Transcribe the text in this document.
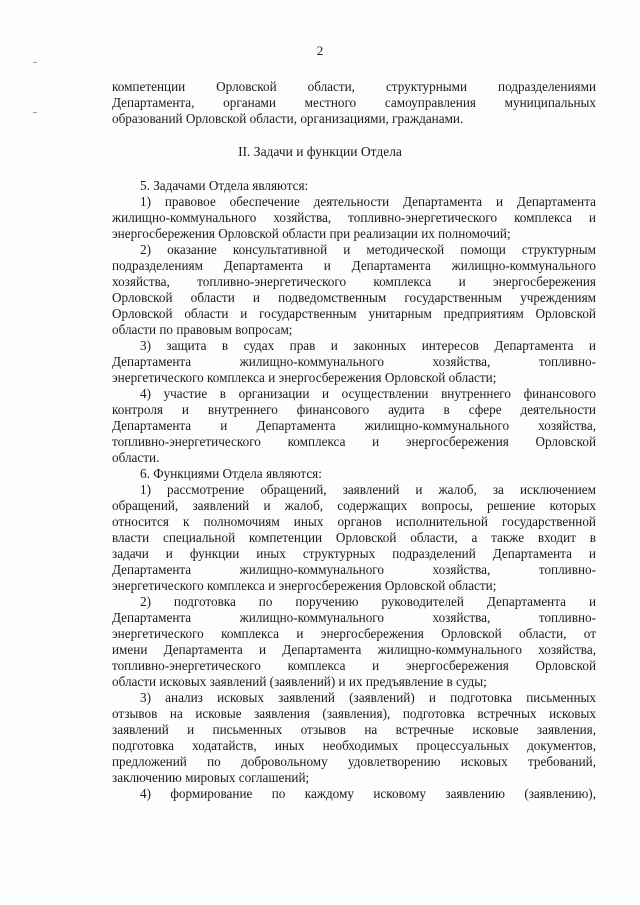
2
компетенции Орловской области, структурными подразделениями
Департамента, органами местного самоуправления муниципальных
образований Орловской области, организациями, гражданами.
II. Задачи и функции Отдела
5. Задачами Отдела являются:
1) правовое обеспечение деятельности Департамента и Департамента
жилищно-коммунального хозяйства, топливно-энергетического комплекса и
энергосбережения Орловской области при реализации их полномочий;
2) оказание консультативной и методической помощи структурным
подразделениям Департамента и Департамента жилищно-коммунального
хозяйства, топливно-энергетического комплекса и энергосбережения
Орловской области и подведомственным государственным учреждениям
Орловской области и государственным унитарным предприятиям Орловской
области по правовым вопросам;
3) защита в судах прав и законных интересов Департамента и
Департамента жилищно-коммунального хозяйства, топливно-
энергетического комплекса и энергосбережения Орловской области;
4) участие в организации и осуществлении внутреннего финансового
контроля и внутреннего финансового аудита в сфере деятельности
Департамента и Департамента жилищно-коммунального хозяйства,
топливно-энергетического комплекса и энергосбережения Орловской
области.
6. Функциями Отдела являются:
1) рассмотрение обращений, заявлений и жалоб, за исключением
обращений, заявлений и жалоб, содержащих вопросы, решение которых
относится к полномочиям иных органов исполнительной государственной
власти специальной компетенции Орловской области, а также входит в
задачи и функции иных структурных подразделений Департамента и
Департамента жилищно-коммунального хозяйства, топливно-
энергетического комплекса и энергосбережения Орловской области;
2) подготовка по поручению руководителей Департамента и
Департамента жилищно-коммунального хозяйства, топливно-
энергетического комплекса и энергосбережения Орловской области, от
имени Департамента и Департамента жилищно-коммунального хозяйства,
топливно-энергетического комплекса и энергосбережения Орловской
области исковых заявлений (заявлений) и их предъявление в суды;
3) анализ исковых заявлений (заявлений) и подготовка письменных
отзывов на исковые заявления (заявления), подготовка встречных исковых
заявлений и письменных отзывов на встречные исковые заявления,
подготовка ходатайств, иных необходимых процессуальных документов,
предложений по добровольному удовлетворению исковых требований,
заключению мировых соглашений;
4) формирование по каждому исковому заявлению (заявлению),
